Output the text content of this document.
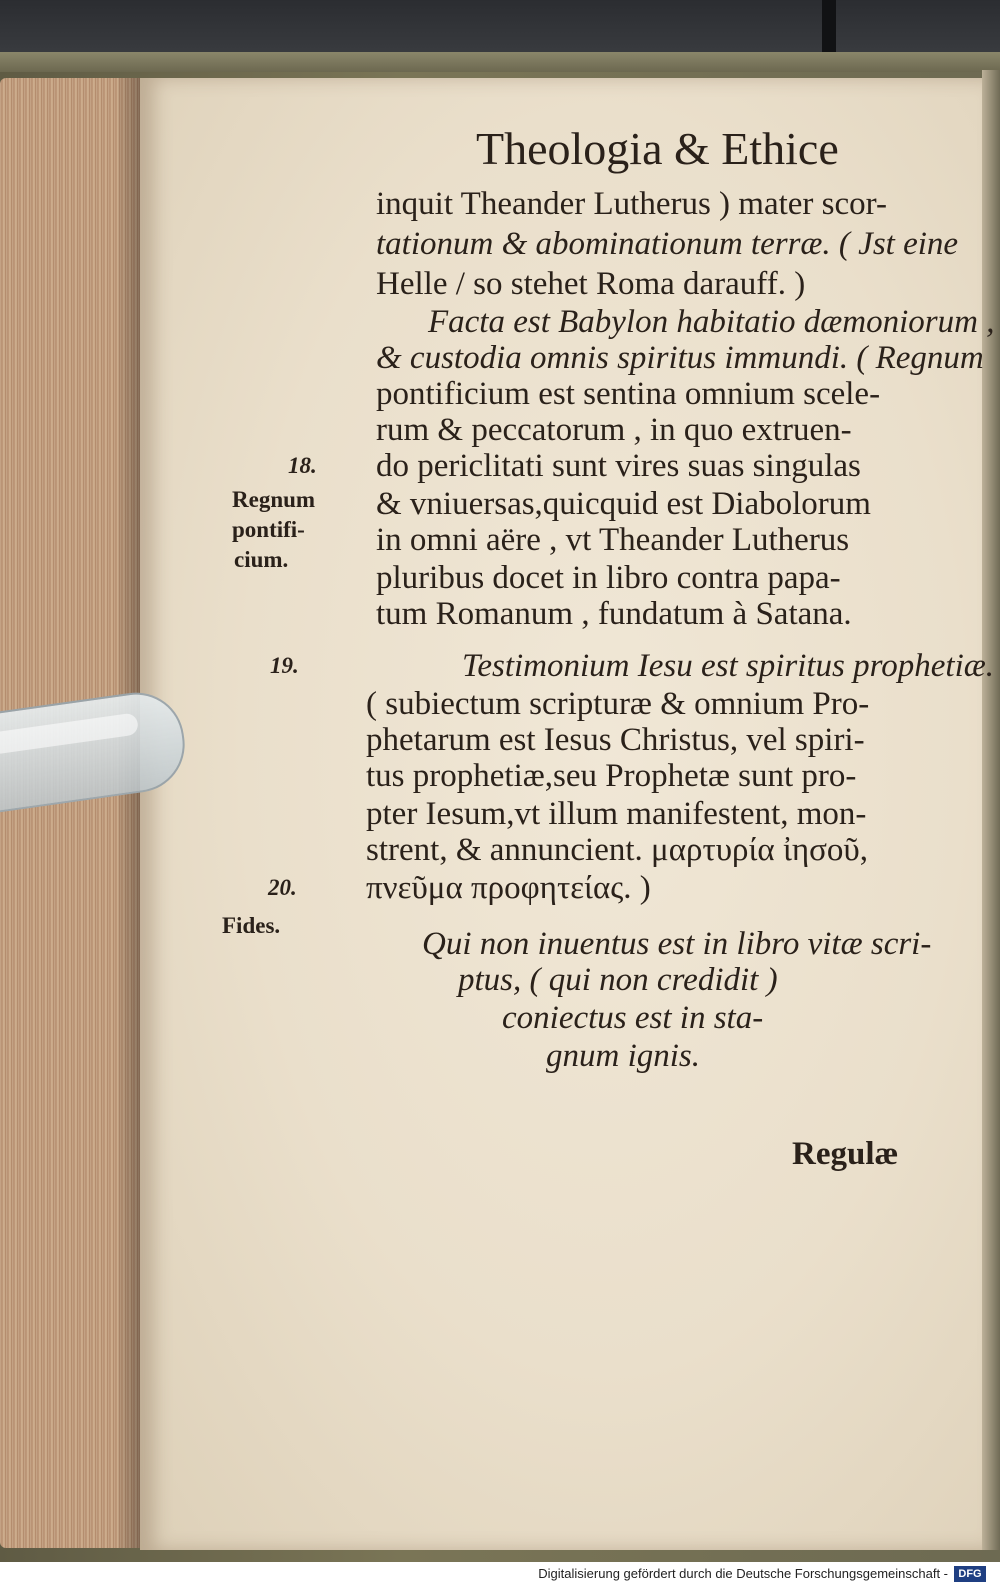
Theologia & Ethice
inquit Theander Lutherus ) mater scor-
tationum & abominationum terræ. ( Jst eine
Helle / so stehet Roma darauff. )
Facta est Babylon habitatio dæmoniorum ,
& custodia omnis spiritus immundi. ( Regnum
pontificium est sentina omnium scele-
rum & peccatorum , in quo extruen-
do periclitati sunt vires suas singulas
& vniuersas,quicquid est Diabolorum
in omni aëre , vt Theander Lutherus
pluribus docet in libro contra papa-
tum Romanum , fundatum à Satana.
Testimonium Iesu est spiritus prophetiæ.
( subiectum scripturæ & omnium Pro-
phetarum est Iesus Christus, vel spiri-
tus prophetiæ,seu Prophetæ sunt pro-
pter Iesum,vt illum manifestent, mon-
strent, & annuncient. μαρτυρία ἰησοῦ,
πνεῦμα προφητείας. )
Qui non inuentus est in libro vitæ scri-
ptus, ( qui non credidit )
coniectus est in sta-
gnum ignis.
Regulæ
18.
Regnum
pontifi-
cium.
19.
20.
Fides.
Digitalisierung gefördert durch die Deutsche Forschungsgemeinschaft - DFG
